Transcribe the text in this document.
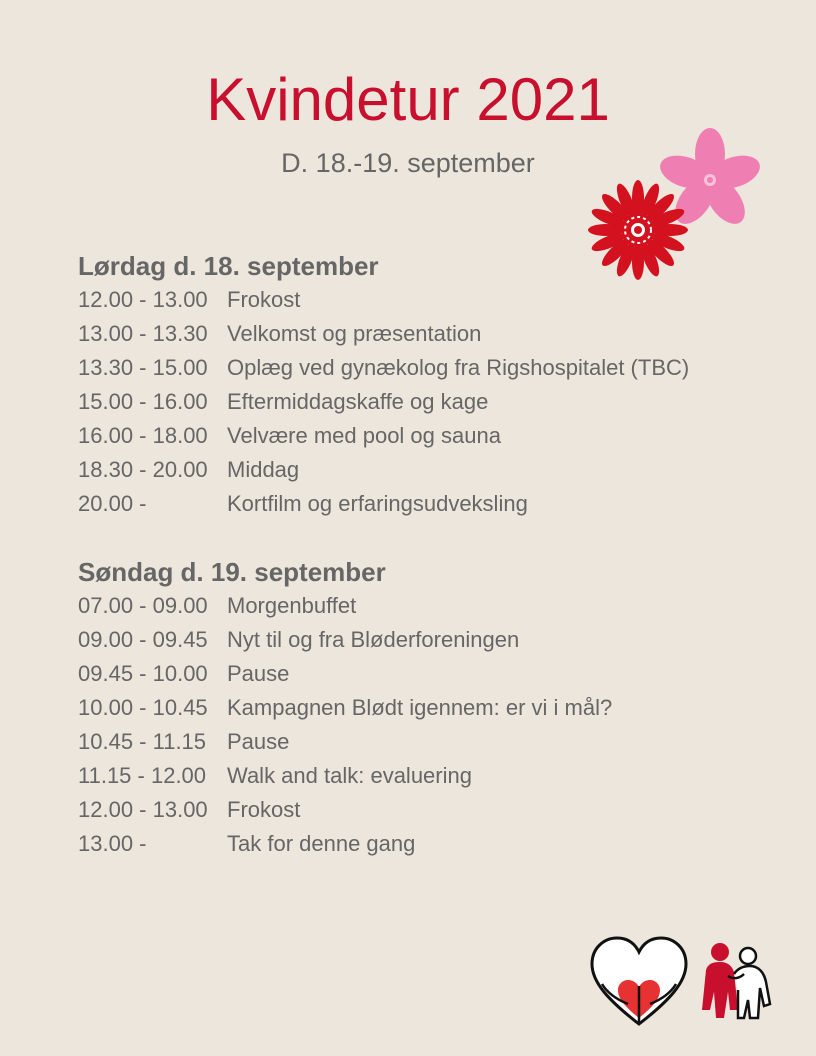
Kvindetur 2021
D. 18.-19. september
Lørdag d. 18. september
12.00 - 13.00 Frokost
13.00 - 13.30 Velkomst og præsentation
13.30 - 15.00 Oplæg ved gynækolog fra Rigshospitalet (TBC)
15.00 - 16.00 Eftermiddagskaffe og kage
16.00 - 18.00 Velvære med pool og sauna
18.30 - 20.00 Middag
20.00 -	Kortfilm og erfaringsudveksling
Søndag d. 19. september
07.00 - 09.00 Morgenbuffet
09.00 - 09.45 Nyt til og fra Bløderforeningen
09.45 - 10.00 Pause
10.00 - 10.45 Kampagnen Blødt igennem: er vi i mål?
10.45 - 11.15 Pause
11.15 - 12.00 Walk and talk: evaluering
12.00 - 13.00 Frokost
13.00 -	Tak for denne gang
